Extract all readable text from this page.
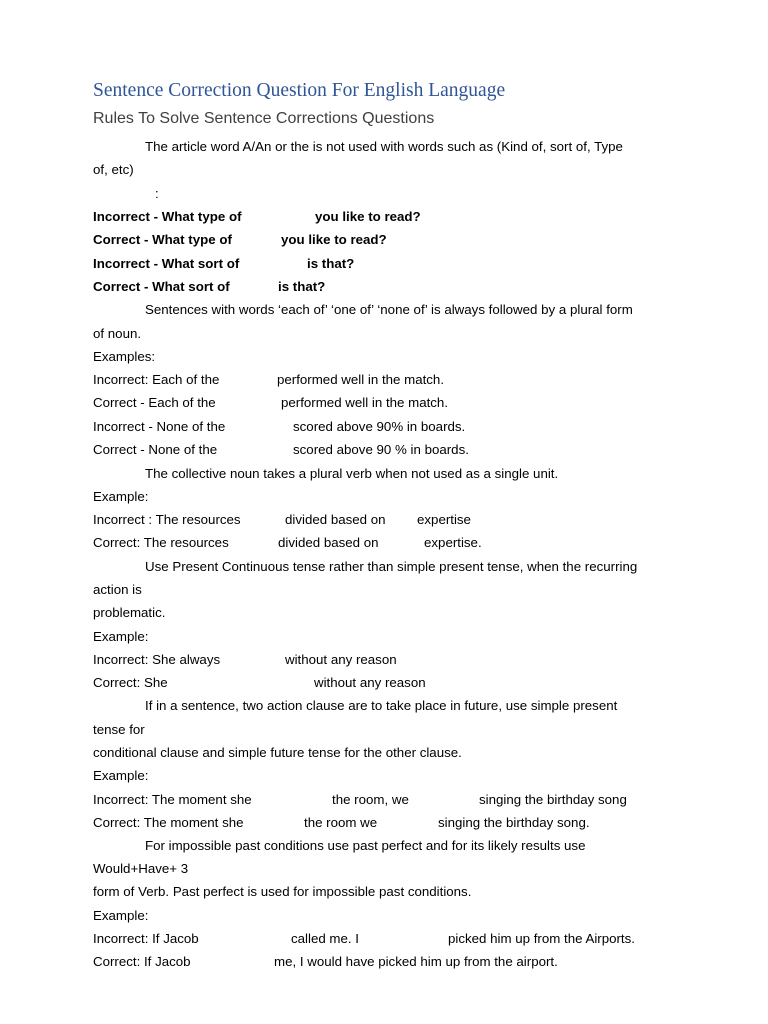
Sentence Correction Question For English Language
Rules To Solve Sentence Corrections Questions
The article word A/An or the is not used with words such as (Kind of, sort of, Type
of, etc)
:
Incorrect - What type of	you like to read?
Correct - What type of	you like to read?
Incorrect - What sort of	is that?
Correct - What sort of	is that?
Sentences with words ‘each of’ ‘one of’ ‘none of’ is always followed by a plural form
of noun.
Examples:
Incorrect: Each of the	performed well in the match.
Correct - Each of the	performed well in the match.
Incorrect - None of the	scored above 90% in boards.
Correct - None of the	scored above 90 % in boards.
The collective noun takes a plural verb when not used as a single unit.
Example:
Incorrect : The resources	divided based on expertise
Correct: The resources	divided based on	expertise.
Use Present Continuous tense rather than simple present tense, when the recurring
action is
problematic.
Example:
Incorrect: She always	without any reason
Correct: She	without any reason
If in a sentence, two action clause are to take place in future, use simple present
tense for
conditional clause and simple future tense for the other clause.
Example:
Incorrect: The moment she	the room, we	singing the birthday song
Correct: The moment she	the room we	singing the birthday song.
For impossible past conditions use past perfect and for its likely results use
Would+Have+ 3
form of Verb. Past perfect is used for impossible past conditions.
Example:
Incorrect: If Jacob	called me. I	picked him up from the Airports.
Correct: If Jacob	me, I would have picked him up from the airport.
